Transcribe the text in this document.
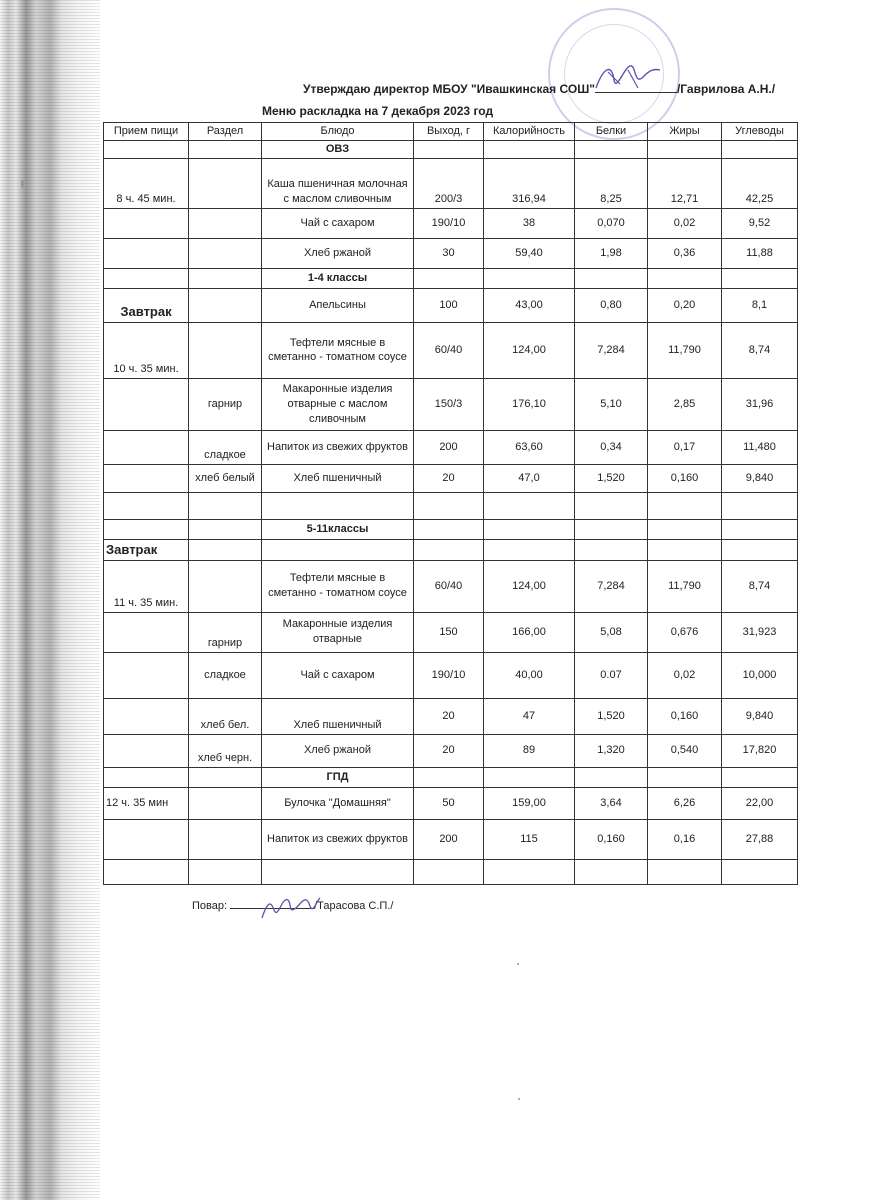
Утверждаю директор МБОУ "Ивашкинская СОШ"	/Гаврилова А.Н./
Меню раскладка на 7 декабря 2023 год
Прием пищи	Раздел	Блюдо	Выход, г	Калорийность	Белки	Жиры	Углеводы
		ОВЗ					
8 ч. 45 мин.		Каша пшеничная молочная с маслом сливочным	200/3	316,94	8,25	12,71	42,25
		Чай с сахаром	190/10	38	0,070	0,02	9,52
		Хлеб ржаной	30	59,40	1,98	0,36	11,88
		1-4 классы					
Завтрак		Апельсины	100	43,00	0,80	0,20	8,1
10 ч. 35 мин.		Тефтели мясные в сметанно - томатном соусе	60/40	124,00	7,284	11,790	8,74
	гарнир	Макаронные изделия отварные с маслом сливочным	150/3	176,10	5,10	2,85	31,96
	сладкое	Напиток из свежих фруктов	200	63,60	0,34	0,17	11,480
	хлеб белый	Хлеб пшеничный	20	47,0	1,520	0,160	9,840

		5-11классы					
Завтрак							
11 ч. 35 мин.		Тефтели мясные в сметанно - томатном соусе	60/40	124,00	7,284	11,790	8,74
	гарнир	Макаронные изделия отварные	150	166,00	5,08	0,676	31,923
	сладкое	Чай с сахаром	190/10	40,00	0.07	0,02	10,000
	хлеб бел.	Хлеб пшеничный	20	47	1,520	0,160	9,840
	хлеб черн.	Хлеб ржаной	20	89	1,320	0,540	17,820
		ГПД					
12 ч. 35 мин		Булочка "Домашняя"	50	159,00	3,64	6,26	22,00
		Напиток из свежих фруктов	200	115	0,160	0,16	27,88

Повар:	/Тарасова С.П./
